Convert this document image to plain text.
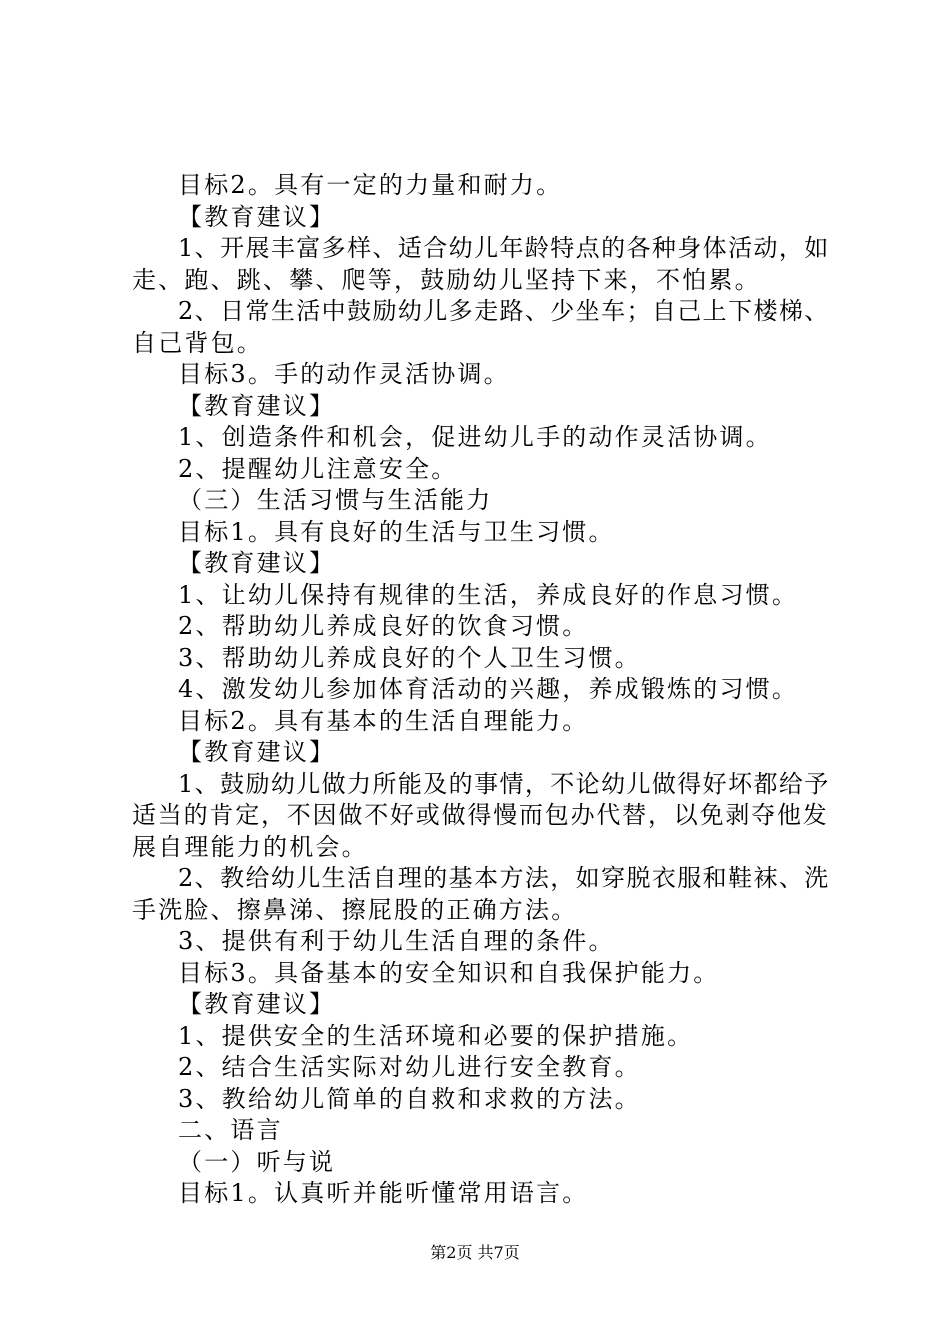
目标2。具有一定的力量和耐力。

【教育建议】

1、开展丰富多样、适合幼儿年龄特点的各种身体活动，如

走、跑、跳、攀、爬等，鼓励幼儿坚持下来，不怕累。

2、日常生活中鼓励幼儿多走路、少坐车；自己上下楼梯、

自己背包。

目标3。手的动作灵活协调。

【教育建议】

1、创造条件和机会，促进幼儿手的动作灵活协调。

2、提醒幼儿注意安全。

（三）生活习惯与生活能力

目标1。具有良好的生活与卫生习惯。

【教育建议】

1、让幼儿保持有规律的生活，养成良好的作息习惯。

2、帮助幼儿养成良好的饮食习惯。

3、帮助幼儿养成良好的个人卫生习惯。

4、激发幼儿参加体育活动的兴趣，养成锻炼的习惯。

目标2。具有基本的生活自理能力。

【教育建议】

1、鼓励幼儿做力所能及的事情，不论幼儿做得好坏都给予

适当的肯定，不因做不好或做得慢而包办代替，以免剥夺他发

展自理能力的机会。

2、教给幼儿生活自理的基本方法，如穿脱衣服和鞋袜、洗

手洗脸、擦鼻涕、擦屁股的正确方法。

3、提供有利于幼儿生活自理的条件。

目标3。具备基本的安全知识和自我保护能力。

【教育建议】

1、提供安全的生活环境和必要的保护措施。

2、结合生活实际对幼儿进行安全教育。

3、教给幼儿简单的自救和求救的方法。

二、语言

（一）听与说

目标1。认真听并能听懂常用语言。

第2页 共7页
